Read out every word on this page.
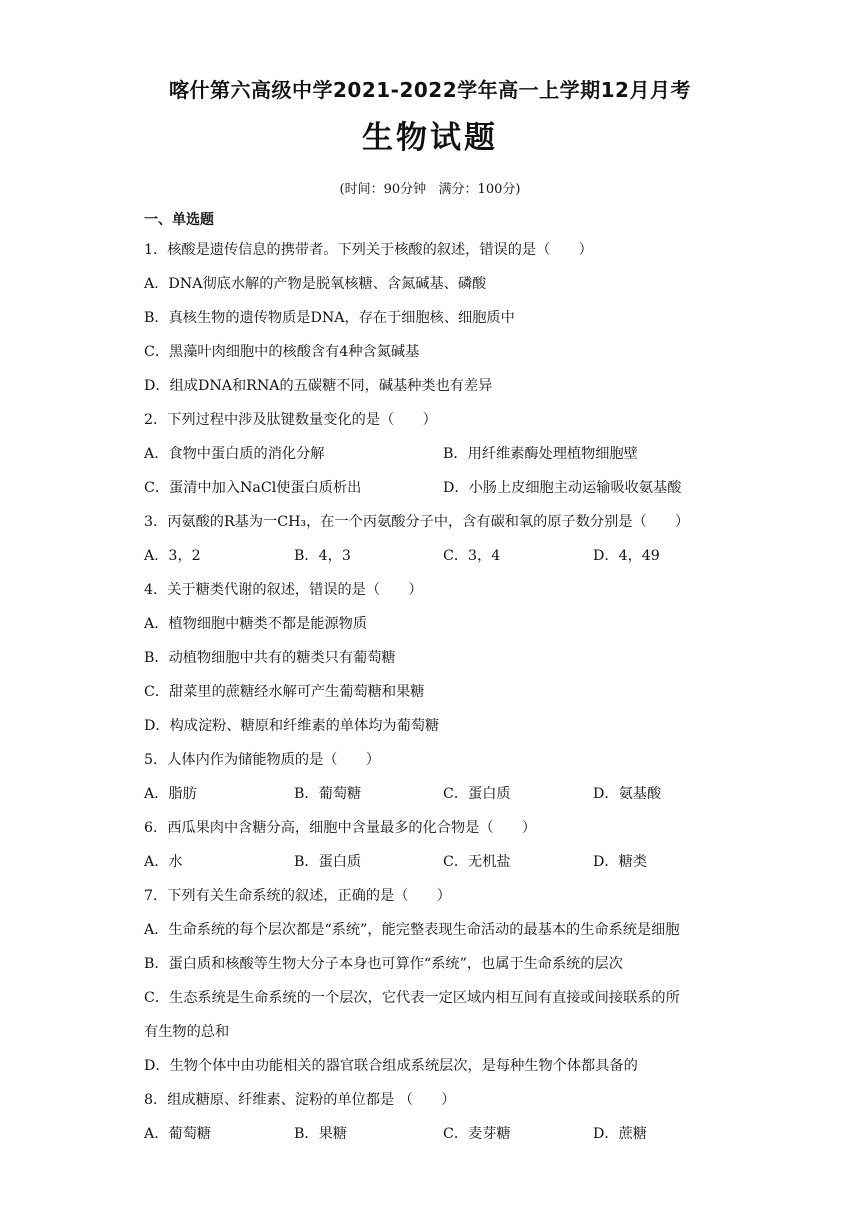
喀什第六高级中学2021-2022学年高一上学期12月月考
生物试题
(时间：90分钟   满分：100分)
一、单选题
1．核酸是遗传信息的携带者。下列关于核酸的叙述，错误的是（　　）
A．DNA彻底水解的产物是脱氧核糖、含氮碱基、磷酸
B．真核生物的遗传物质是DNA，存在于细胞核、细胞质中
C．黑藻叶肉细胞中的核酸含有4种含氮碱基
D．组成DNA和RNA的五碳糖不同，碱基种类也有差异
2．下列过程中涉及肽键数量变化的是（　　）
A．食物中蛋白质的消化分解	B．用纤维素酶处理植物细胞壁
C．蛋清中加入NaCl使蛋白质析出	D．小肠上皮细胞主动运输吸收氨基酸
3．丙氨酸的R基为一CH₃，在一个丙氨酸分子中，含有碳和氧的原子数分别是（　　）
A．3，2	B．4，3	C．3，4	D．4，49
4．关于糖类代谢的叙述，错误的是（　　）
A．植物细胞中糖类不都是能源物质
B．动植物细胞中共有的糖类只有葡萄糖
C．甜菜里的蔗糖经水解可产生葡萄糖和果糖
D．构成淀粉、糖原和纤维素的单体均为葡萄糖
5．人体内作为储能物质的是（　　）
A．脂肪	B．葡萄糖	C．蛋白质	D．氨基酸
6．西瓜果肉中含糖分高，细胞中含量最多的化合物是（　　）
A．水	B．蛋白质	C．无机盐	D．糖类
7．下列有关生命系统的叙述，正确的是（　　）
A．生命系统的每个层次都是“系统”，能完整表现生命活动的最基本的生命系统是细胞
B．蛋白质和核酸等生物大分子本身也可算作“系统”，也属于生命系统的层次
C．生态系统是生命系统的一个层次，它代表一定区域内相互间有直接或间接联系的所
有生物的总和
D．生物个体中由功能相关的器官联合组成系统层次，是每种生物个体都具备的
8．组成糖原、纤维素、淀粉的单位都是 （　　）
A．葡萄糖	B．果糖	C．麦芽糖	D．蔗糖
